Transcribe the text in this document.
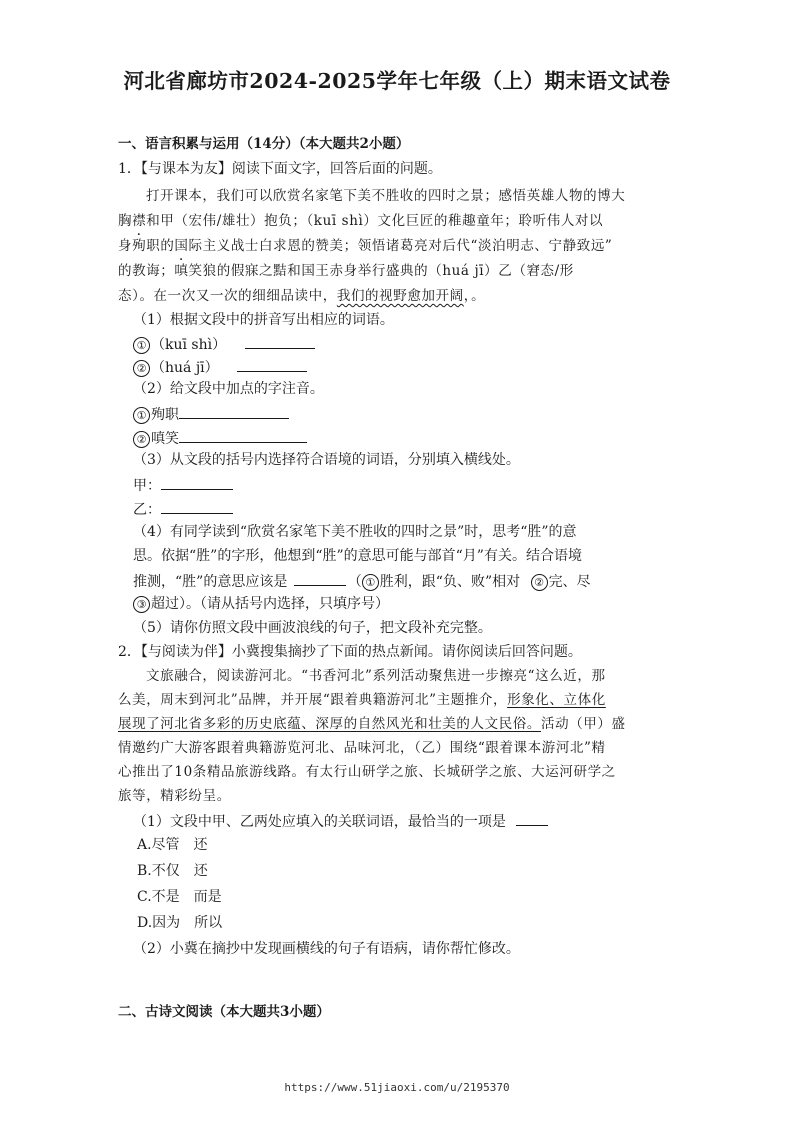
河北省廊坊市2024-2025学年七年级（上）期末语文试卷
一、语言积累与运用（14分）（本大题共2小题）
1．【与课本为友】阅读下面文字，回答后面的问题。
打开课本，我们可以欣赏名家笔下美不胜收的四时之景；感悟英雄人物的博大
胸襟和甲（宏伟/雄壮）抱负；（kuī shì）文化巨匠的稚趣童年；聆听伟人对以
身殉职的国际主义战士白求恩的赞美；领悟诸葛亮对后代“淡泊明志、宁静致远”
的教诲；嗔笑狼的假寐之黠和国王赤身举行盛典的（huá jī）乙（窘态/形
态）。在一次又一次的细细品读中，我们的视野愈加开阔，。
（1）根据文段中的拼音写出相应的词语。
① （kuī shì）
② （huá jī）
（2）给文段中加点的字注音。
① 殉职
② 嗔笑
（3）从文段的括号内选择符合语境的词语，分别填入横线处。
甲：
乙：
（4）有同学读到“欣赏名家笔下美不胜收的四时之景”时，思考“胜”的意
思。依据“胜”的字形，他想到“胜”的意思可能与部首“月”有关。结合语境
推测，“胜”的意思应该是	（ ① 胜利，跟“负、败”相对 ② 完、尽
③ 超过）。（请从括号内选择，只填序号）
（5）请你仿照文段中画波浪线的句子，把文段补充完整。
2．【与阅读为伴】小冀搜集摘抄了下面的热点新闻。请你阅读后回答问题。
文旅融合，阅读游河北。“书香河北”系列活动聚焦进一步擦亮“这么近，那
么美，周末到河北”品牌，并开展“跟着典籍游河北”主题推介，形象化、立体化
展现了河北省多彩的历史底蕴、深厚的自然风光和壮美的人文民俗。活动（甲）盛
情邀约广大游客跟着典籍游览河北、品味河北，（乙）围绕“跟着课本游河北”精
心推出了10条精品旅游线路。有太行山研学之旅、长城研学之旅、大运河研学之
旅等，精彩纷呈。
（1）文段中甲、乙两处应填入的关联词语，最恰当的一项是
A.尽管　还
B.不仅　还
C.不是　而是
D.因为　所以
（2）小冀在摘抄中发现画横线的句子有语病，请你帮忙修改。
二、古诗文阅读（本大题共3小题）
https://www.51jiaoxi.com/u/2195370
